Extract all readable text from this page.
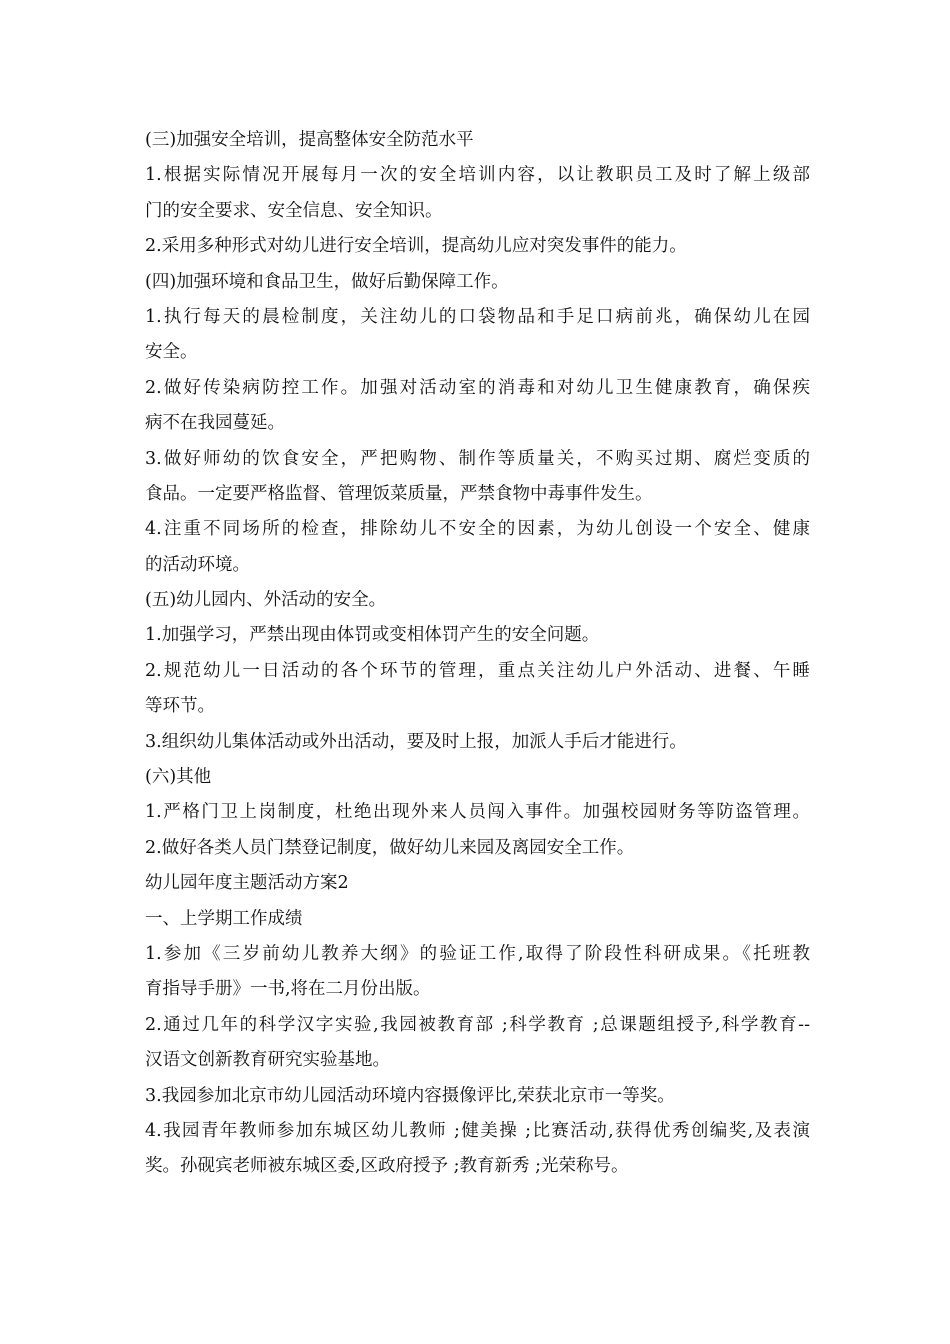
(三)加强安全培训，提高整体安全防范水平
1.根据实际情况开展每月一次的安全培训内容，以让教职员工及时了解上级部
门的安全要求、安全信息、安全知识。
2.采用多种形式对幼儿进行安全培训，提高幼儿应对突发事件的能力。
(四)加强环境和食品卫生，做好后勤保障工作。
1.执行每天的晨检制度，关注幼儿的口袋物品和手足口病前兆，确保幼儿在园
安全。
2.做好传染病防控工作。加强对活动室的消毒和对幼儿卫生健康教育，确保疾
病不在我园蔓延。
3.做好师幼的饮食安全，严把购物、制作等质量关，不购买过期、腐烂变质的
食品。一定要严格监督、管理饭菜质量，严禁食物中毒事件发生。
4.注重不同场所的检查，排除幼儿不安全的因素，为幼儿创设一个安全、健康
的活动环境。
(五)幼儿园内、外活动的安全。
1.加强学习，严禁出现由体罚或变相体罚产生的安全问题。
2.规范幼儿一日活动的各个环节的管理，重点关注幼儿户外活动、进餐、午睡
等环节。
3.组织幼儿集体活动或外出活动，要及时上报，加派人手后才能进行。
(六)其他
1.严格门卫上岗制度，杜绝出现外来人员闯入事件。加强校园财务等防盗管理。
2.做好各类人员门禁登记制度，做好幼儿来园及离园安全工作。
幼儿园年度主题活动方案2
一、上学期工作成绩
1.参加《三岁前幼儿教养大纲》的验证工作,取得了阶段性科研成果。《托班教
育指导手册》一书,将在二月份出版。
2.通过几年的科学汉字实验,我园被教育部 ;科学教育 ;总课题组授予,科学教育--
汉语文创新教育研究实验基地。
3.我园参加北京市幼儿园活动环境内容摄像评比,荣获北京市一等奖。
4.我园青年教师参加东城区幼儿教师 ;健美操 ;比赛活动,获得优秀创编奖,及表演
奖。孙砚宾老师被东城区委,区政府授予 ;教育新秀 ;光荣称号。
